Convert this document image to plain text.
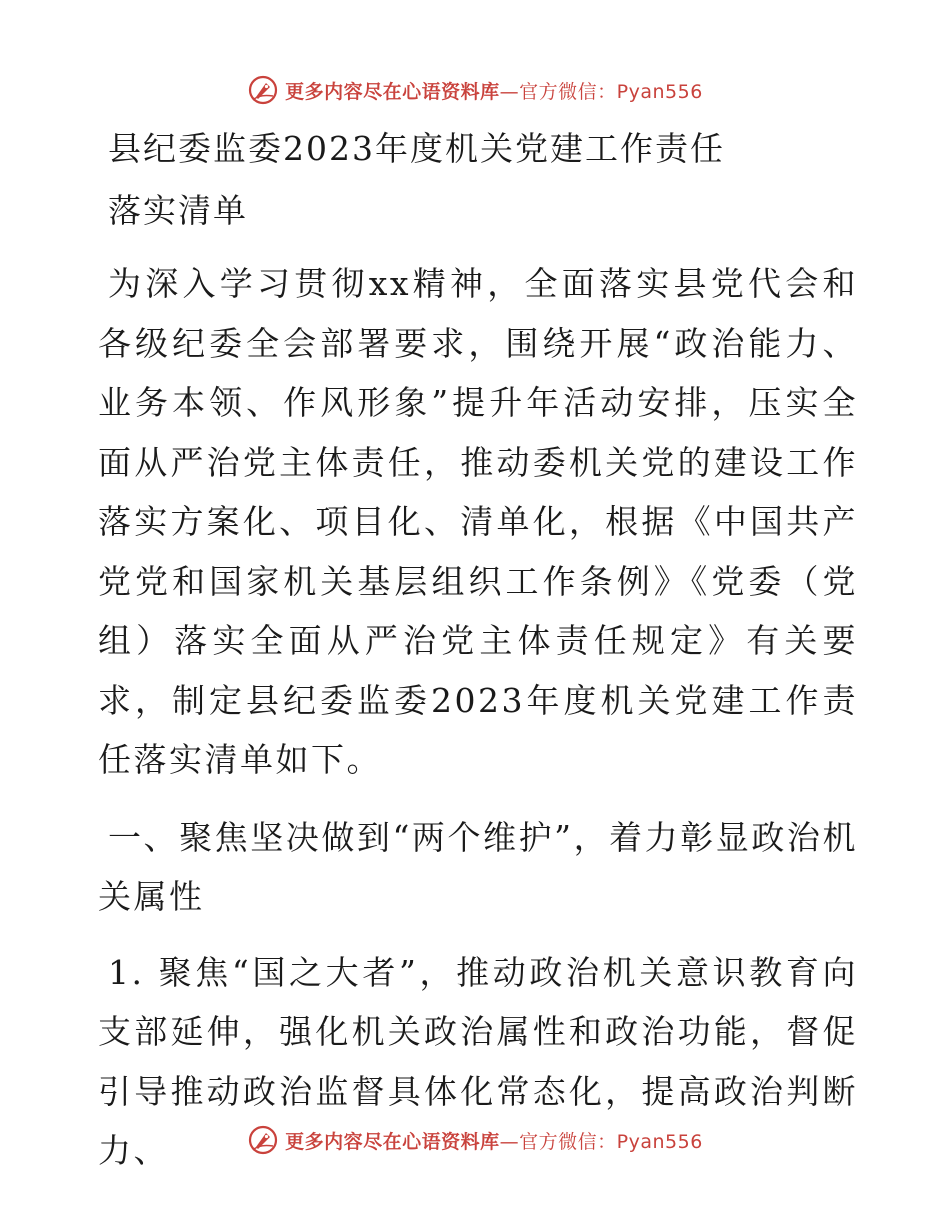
更多内容尽在心语资料库—官方微信：Pyan556
县纪委监委2023年度机关党建工作责任
落实清单

为深入学习贯彻xx精神，全面落实县党代会和各级纪委全会部署要求，围绕开展“政治能力、业务本领、作风形象”提升年活动安排，压实全面从严治党主体责任，推动委机关党的建设工作落实方案化、项目化、清单化，根据《中国共产党党和国家机关基层组织工作条例》《党委（党组）落实全面从严治党主体责任规定》有关要求，制定县纪委监委2023年度机关党建工作责任落实清单如下。

一、聚焦坚决做到“两个维护”，着力彰显政治机关属性

1. 聚焦“国之大者”，推动政治机关意识教育向支部延伸，强化机关政治属性和政治功能，督促引导推动政治监督具体化常态化，提高政治判断力、	更多内容尽在心语资料库—官方微信：Pyan556
